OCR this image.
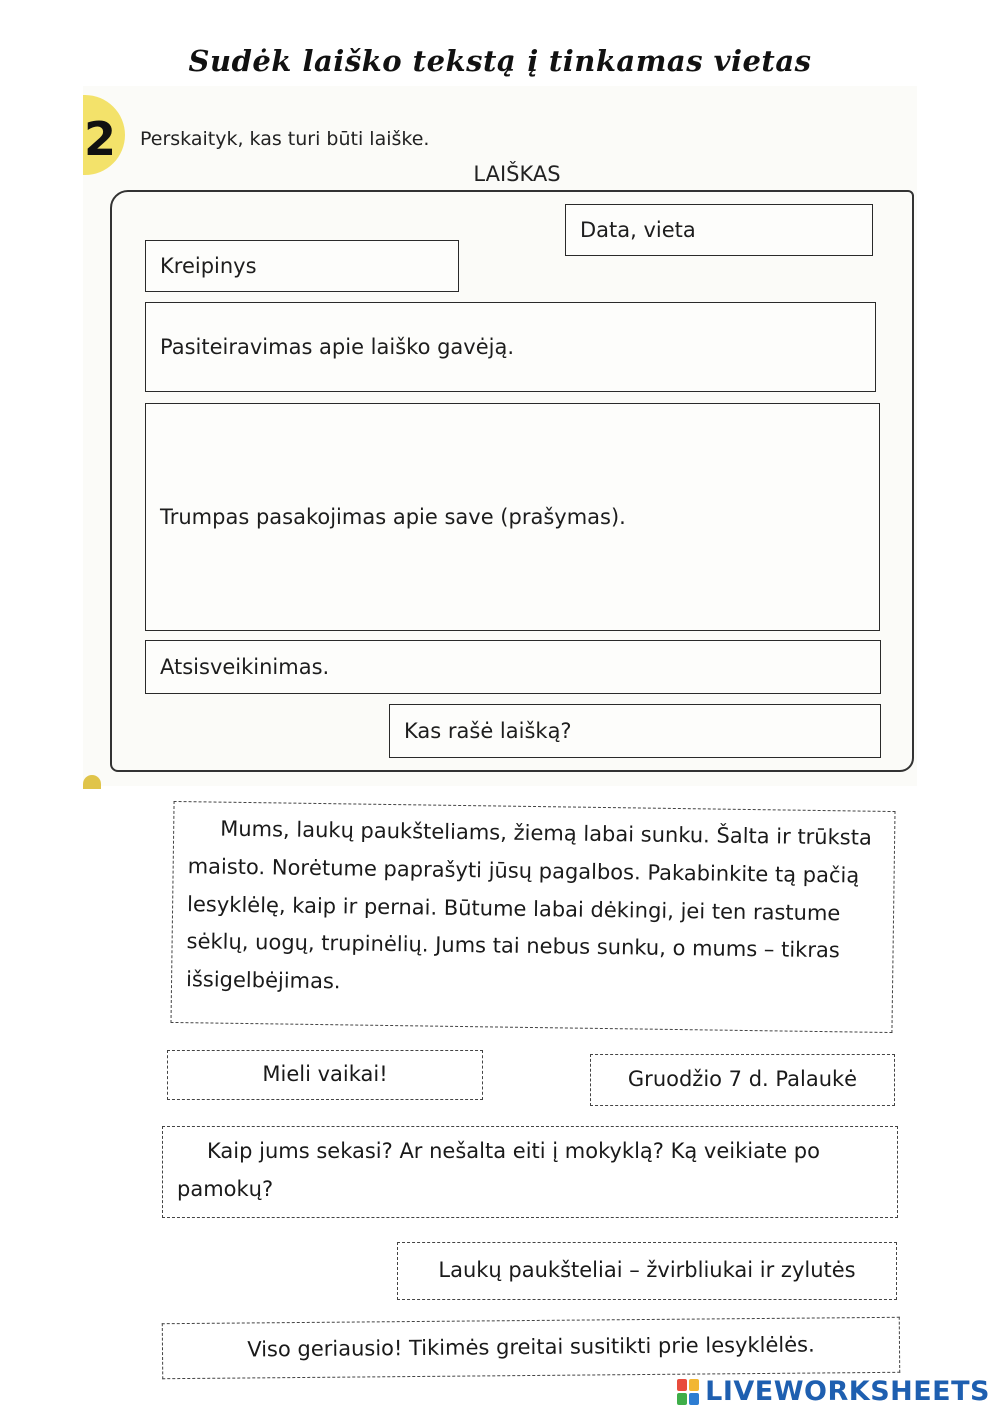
Sudėk laiško tekstą į tinkamas vietas
2 Perskaityk, kas turi būti laiške.
LAIŠKAS
Data, vieta
Kreipinys
Pasiteiravimas apie laiško gavėją.
Trumpas pasakojimas apie save (prašymas).
Atsisveikinimas.
Kas rašė laišką?
Mums, laukų paukšteliams, žiemą labai sunku. Šalta ir trūksta maisto. Norėtume paprašyti jūsų pagalbos. Pakabinkite tą pačią lesyklėlę, kaip ir pernai. Būtume labai dėkingi, jei ten rastume sėklų, uogų, trupinėlių. Jums tai nebus sunku, o mums – tikras išsigelbėjimas.
Mieli vaikai!	Gruodžio 7 d. Palaukė
Kaip jums sekasi? Ar nešalta eiti į mokyklą? Ką veikiate po pamokų?
Laukų paukšteliai – žvirbliukai ir zylutės
Viso geriausio! Tikimės greitai susitikti prie lesyklėlės.
LIVEWORKSHEETS
